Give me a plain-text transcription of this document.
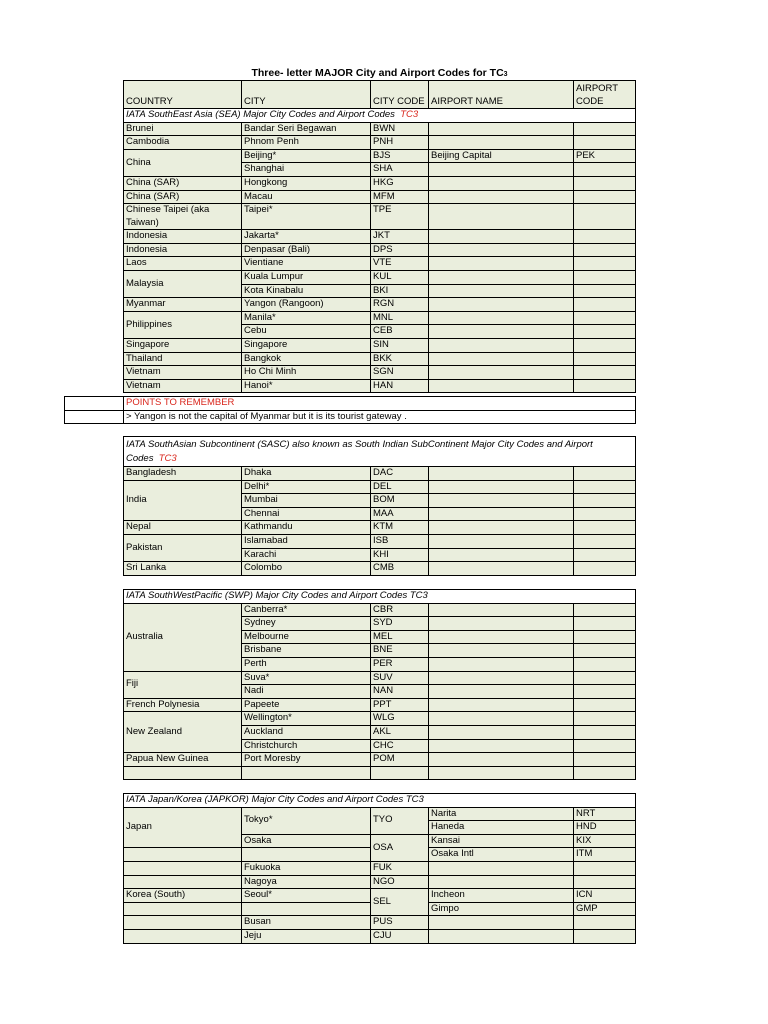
Three- letter MAJOR City and Airport Codes for TC3
COUNTRY	CITY	CITY CODE	AIRPORT NAME	AIRPORT CODE
IATA SouthEast Asia (SEA) Major City Codes and Airport Codes TC3				
Brunei	Bandar Seri Begawan	BWN		
Cambodia	Phnom Penh	PNH		
China	Beijing*	BJS	Beijing Capital	PEK
	Shanghai	SHA		
China (SAR)	Hongkong	HKG		
China (SAR)	Macau	MFM		
Chinese Taipei (aka Taiwan)	Taipei*	TPE		
Indonesia	Jakarta*	JKT		
Indonesia	Denpasar (Bali)	DPS		
Laos	Vientiane	VTE		
Malaysia	Kuala Lumpur	KUL		
	Kota Kinabalu	BKI		
Myanmar	Yangon (Rangoon)	RGN		
Philippines	Manila*	MNL		
	Cebu	CEB		
Singapore	Singapore	SIN		
Thailand	Bangkok	BKK		
Vietnam	Ho Chi Minh	SGN		
Vietnam	Hanoi*	HAN		
	POINTS TO REMEMBER
	> Yangon is not the capital of Myanmar but it is its tourist gateway .
IATA SouthAsian Subcontinent (SASC) also known as South Indian SubContinent Major City Codes and Airport Codes TC3				
Bangladesh	Dhaka	DAC		
India	Delhi*	DEL		
	Mumbai	BOM		
	Chennai	MAA		
Nepal	Kathmandu	KTM		
Pakistan	Islamabad	ISB		
	Karachi	KHI		
Sri Lanka	Colombo	CMB		
IATA SouthWestPacific (SWP) Major City Codes and Airport Codes TC3				
Australia	Canberra*	CBR		
	Sydney	SYD		
	Melbourne	MEL		
	Brisbane	BNE		
	Perth	PER		
Fiji	Suva*	SUV		
	Nadi	NAN		
French Polynesia	Papeete	PPT		
New Zealand	Wellington*	WLG		
	Auckland	AKL		
	Christchurch	CHC		
Papua New Guinea	Port Moresby	POM		

IATA Japan/Korea (JAPKOR) Major City Codes and Airport Codes TC3				
Japan	Tokyo*	TYO	Narita	NRT
			Haneda	HND
	Osaka	OSA	Kansai	KIX
			Osaka Intl	ITM
	Fukuoka	FUK		
	Nagoya	NGO		
Korea (South)	Seoul*	SEL	Incheon	ICN
			Gimpo	GMP
	Busan	PUS		
	Jeju	CJU		
